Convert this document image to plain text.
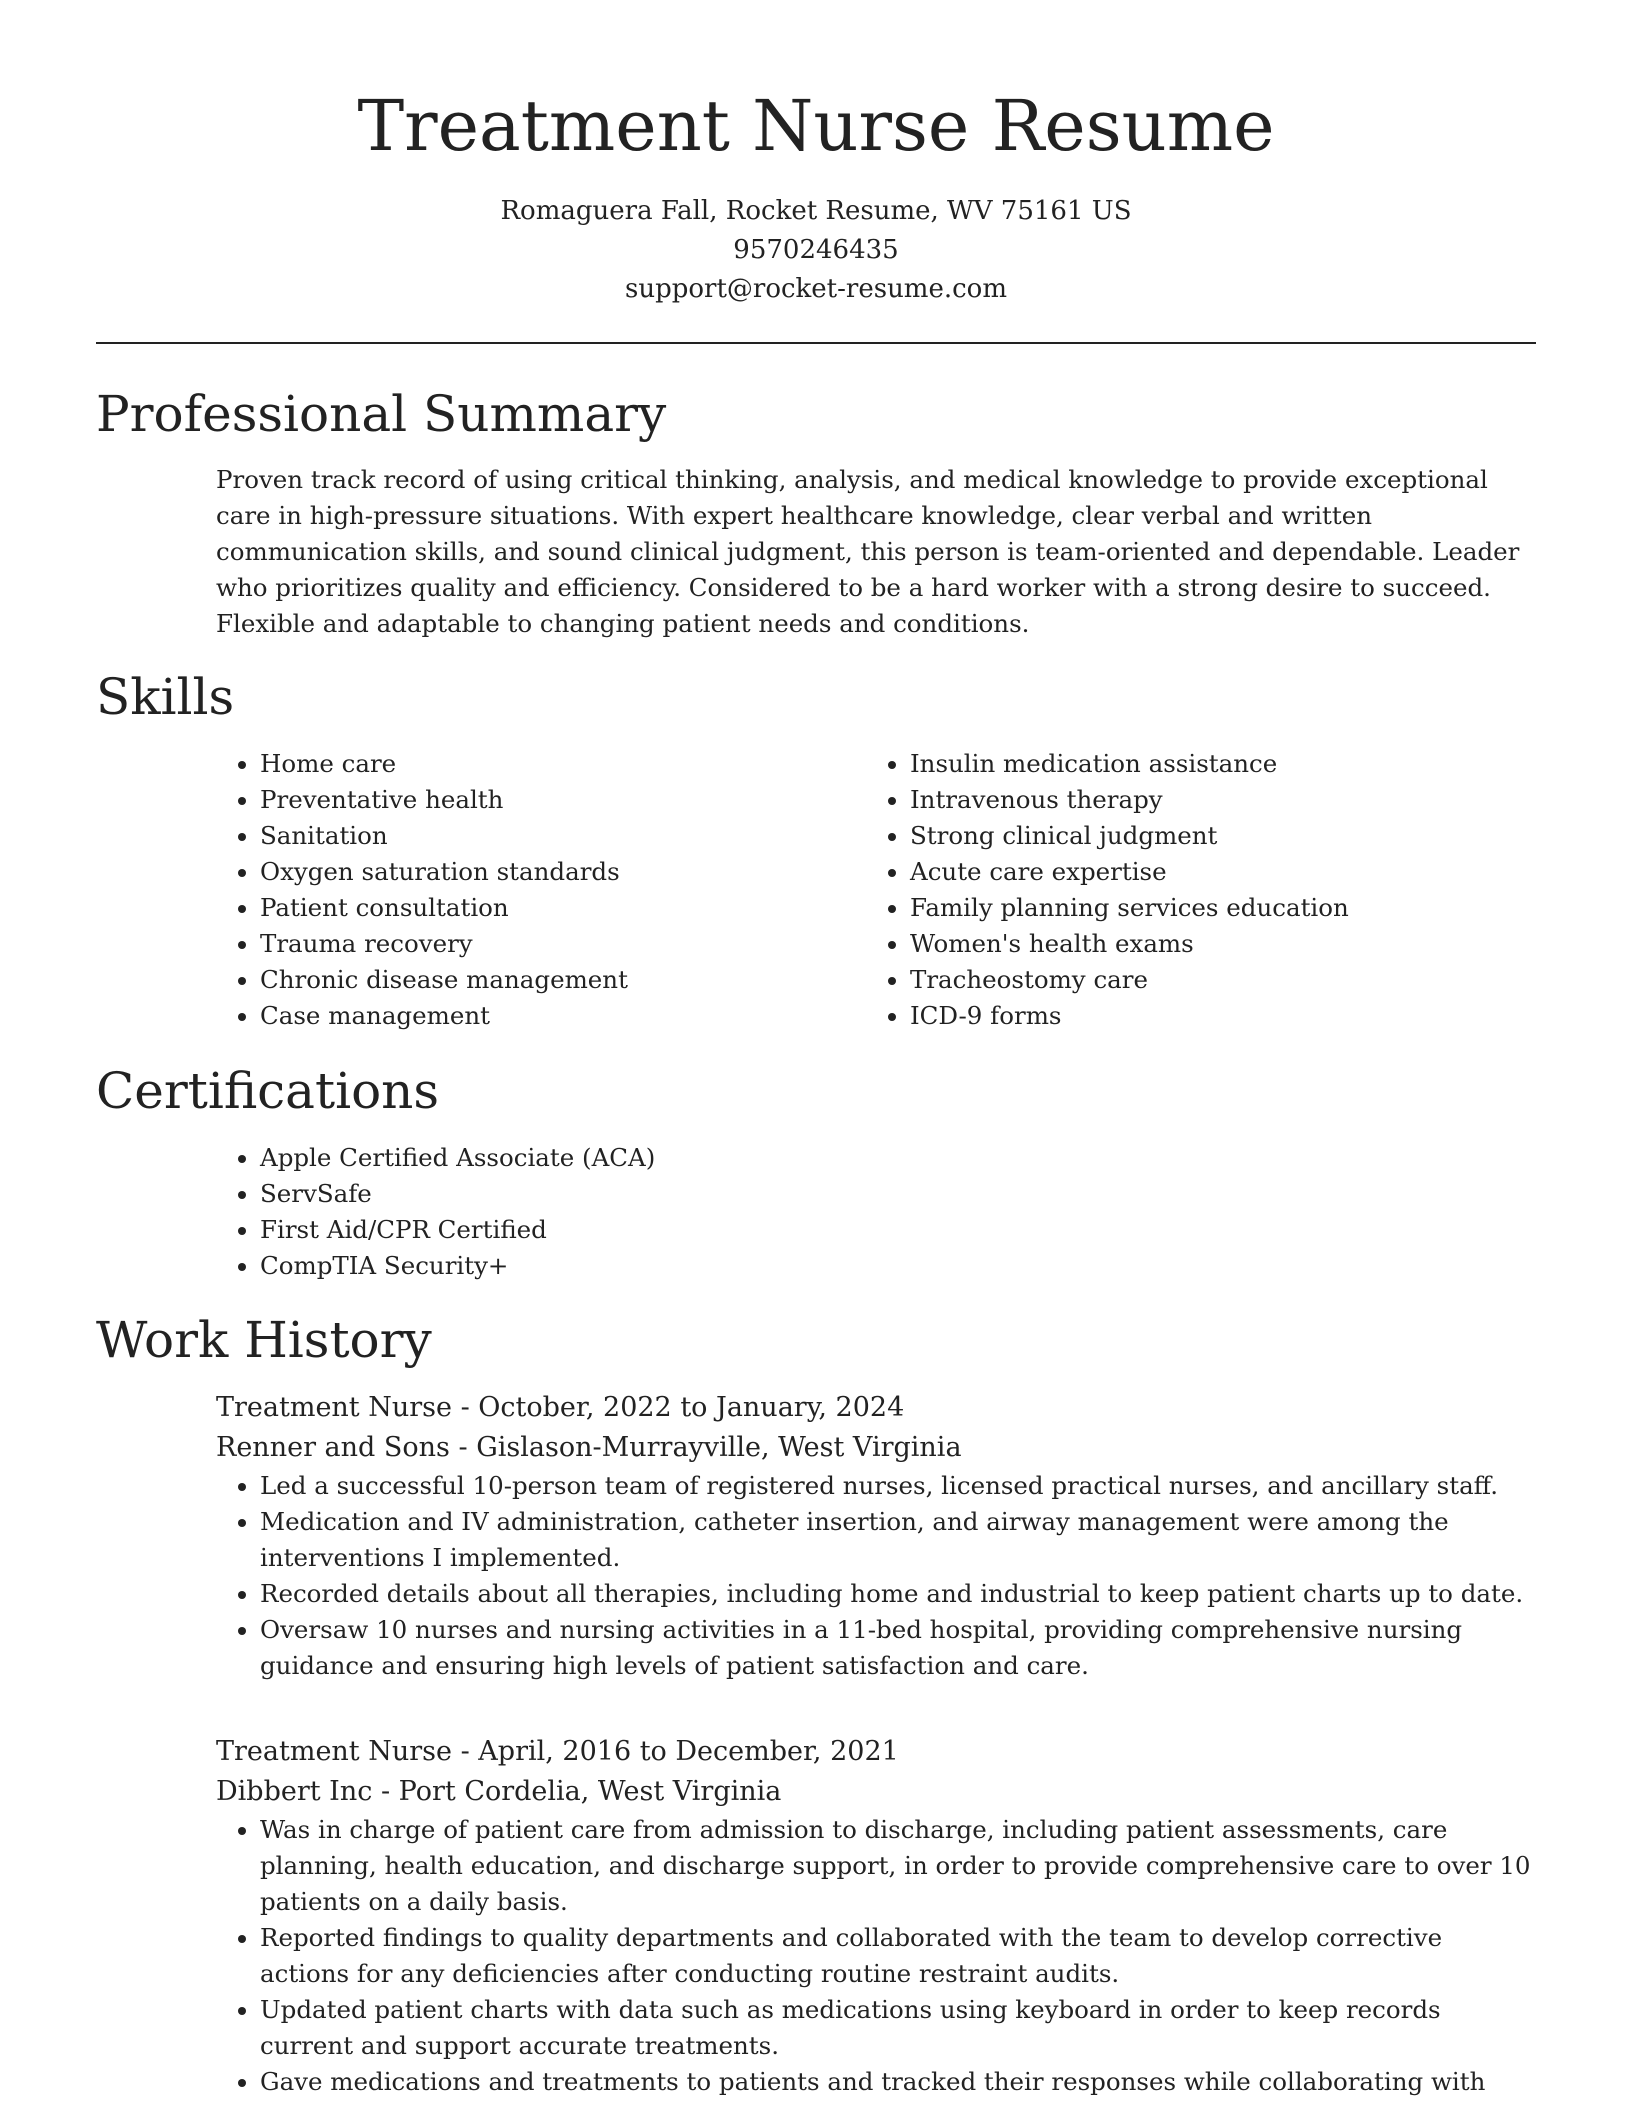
Treatment Nurse Resume
Romaguera Fall, Rocket Resume, WV 75161 US
9570246435
support@rocket-resume.com
Professional Summary

Proven track record of using critical thinking, analysis, and medical knowledge to provide exceptional care in high-pressure situations. With expert healthcare knowledge, clear verbal and written communication skills, and sound clinical judgment, this person is team-oriented and dependable. Leader who prioritizes quality and efficiency. Considered to be a hard worker with a strong desire to succeed. Flexible and adaptable to changing patient needs and conditions.

Skills
• Home care
• Preventative health
• Sanitation
• Oxygen saturation standards
• Patient consultation
• Trauma recovery
• Chronic disease management
• Case management
• Insulin medication assistance
• Intravenous therapy
• Strong clinical judgment
• Acute care expertise
• Family planning services education
• Women's health exams
• Tracheostomy care
• ICD-9 forms
Certifications
• Apple Certified Associate (ACA)
• ServSafe
• First Aid/CPR Certified
• CompTIA Security+
Work History

Treatment Nurse - October, 2022 to January, 2024

Renner and Sons - Gislason-Murrayville, West Virginia

• Led a successful 10-person team of registered nurses, licensed practical nurses, and ancillary staff.
• Medication and IV administration, catheter insertion, and airway management were among the interventions I implemented.
• Recorded details about all therapies, including home and industrial to keep patient charts up to date.
• Oversaw 10 nurses and nursing activities in a 11-bed hospital, providing comprehensive nursing guidance and ensuring high levels of patient satisfaction and care.

Treatment Nurse - April, 2016 to December, 2021

Dibbert Inc - Port Cordelia, West Virginia

• Was in charge of patient care from admission to discharge, including patient assessments, care planning, health education, and discharge support, in order to provide comprehensive care to over 10 patients on a daily basis.
• Reported findings to quality departments and collaborated with the team to develop corrective actions for any deficiencies after conducting routine restraint audits.
• Updated patient charts with data such as medications using keyboard in order to keep records current and support accurate treatments.
• Gave medications and treatments to patients and tracked their responses while collaborating with
